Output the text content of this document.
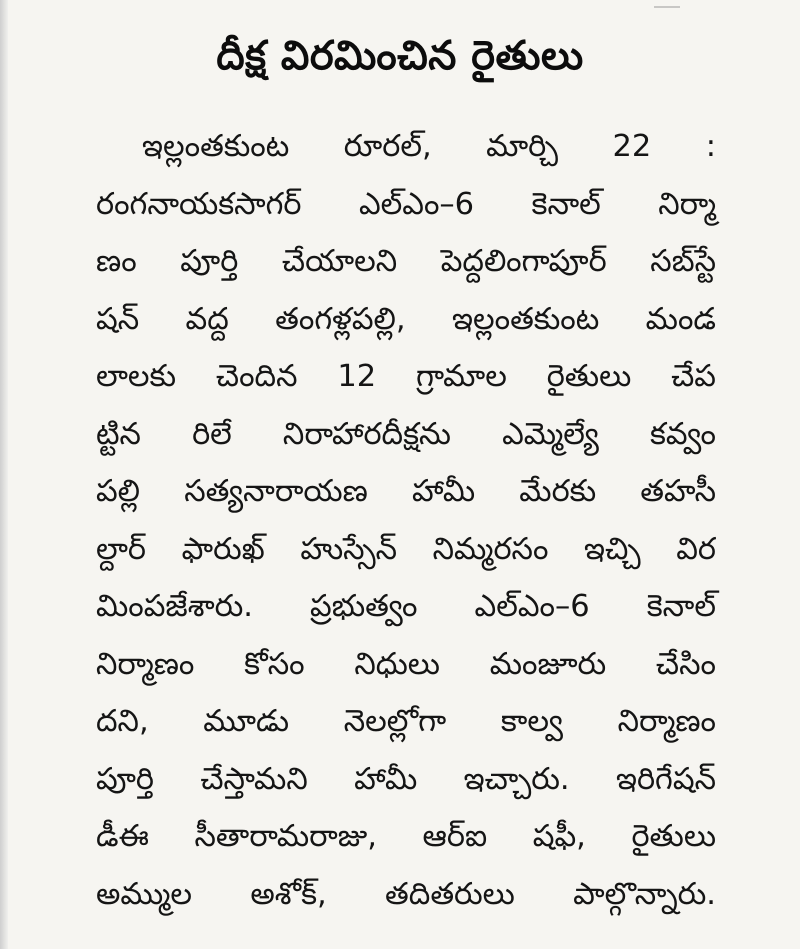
దీక్ష విరమించిన రైతులు
ఇల్లంతకుంట రూరల్‌, మార్చి 22 :
రంగనాయకసాగర్‌ ఎల్‌ఎం–6 కెనాల్‌ నిర్మా
ణం పూర్తి చేయాలని పెద్దలింగాపూర్‌ సబ్‌స్టే
షన్‌ వద్ద తంగళ్లపల్లి, ఇల్లంతకుంట మండ
లాలకు చెందిన 12 గ్రామాల రైతులు చేప
ట్టిన రిలే నిరాహారదీక్షను ఎమ్మెల్యే కవ్వం
పల్లి సత్యనారాయణ హామీ మేరకు తహసీ
ల్దార్‌ ఫారుఖ్‌ హుస్సేన్‌ నిమ్మరసం ఇచ్చి విర
మింపజేశారు. ప్రభుత్వం ఎల్‌ఎం–6 కెనాల్‌
నిర్మాణం కోసం నిధులు మంజూరు చేసిం
దని, మూడు నెలల్లోగా కాల్వ నిర్మాణం
పూర్తి చేస్తామని హామీ ఇచ్చారు. ఇరిగేషన్‌
డీఈ సీతారామరాజు, ఆర్‌ఐ షఫీ, రైతులు
అమ్ముల అశోక్‌, తదితరులు పాల్గొన్నారు.
